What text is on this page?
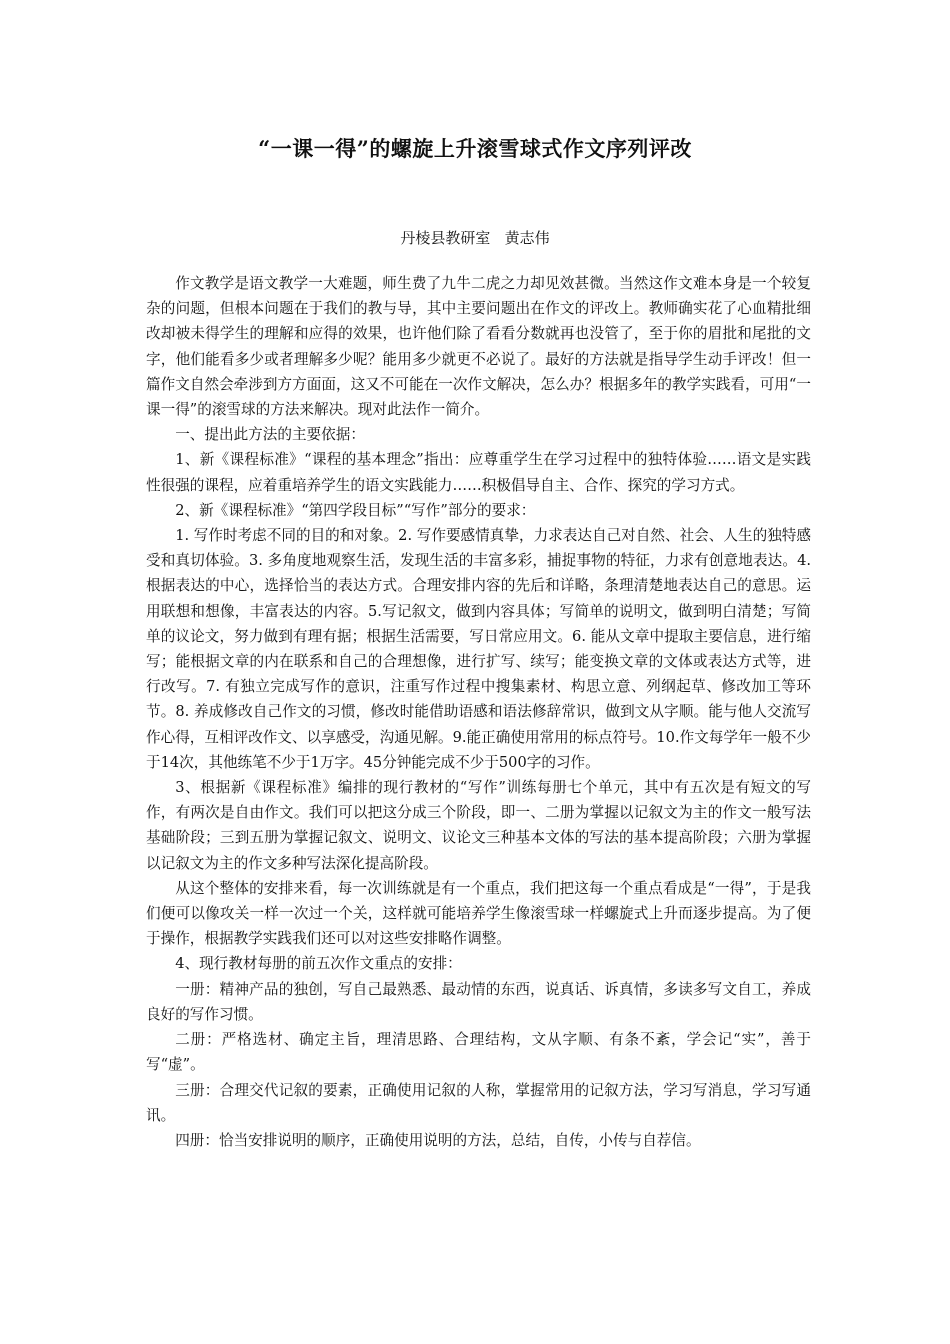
“一课一得”的螺旋上升滚雪球式作文序列评改
丹棱县教研室   黄志伟

作文教学是语文教学一大难题，师生费了九牛二虎之力却见效甚微。当然这作文难本身是一个较复杂的问题，但根本问题在于我们的教与导，其中主要问题出在作文的评改上。教师确实花了心血精批细改却被未得学生的理解和应得的效果，也许他们除了看看分数就再也没管了，至于你的眉批和尾批的文字，他们能看多少或者理解多少呢？能用多少就更不必说了。最好的方法就是指导学生动手评改！但一篇作文自然会牵涉到方方面面，这又不可能在一次作文解决，怎么办？根据多年的教学实践看，可用“一课一得”的滚雪球的方法来解决。现对此法作一简介。

一、提出此方法的主要依据：

1、新《课程标准》“课程的基本理念”指出：应尊重学生在学习过程中的独特体验……语文是实践性很强的课程，应着重培养学生的语文实践能力……积极倡导自主、合作、探究的学习方式。

2、新《课程标准》“第四学段目标”“写作”部分的要求：

1. 写作时考虑不同的目的和对象。2. 写作要感情真挚，力求表达自己对自然、社会、人生的独特感受和真切体验。3. 多角度地观察生活，发现生活的丰富多彩，捕捉事物的特征，力求有创意地表达。4. 根据表达的中心，选择恰当的表达方式。合理安排内容的先后和详略，条理清楚地表达自己的意思。运用联想和想像，丰富表达的内容。5.写记叙文，做到内容具体；写简单的说明文，做到明白清楚；写简单的议论文，努力做到有理有据；根据生活需要，写日常应用文。6. 能从文章中提取主要信息，进行缩写；能根据文章的内在联系和自己的合理想像，进行扩写、续写；能变换文章的文体或表达方式等，进行改写。7. 有独立完成写作的意识，注重写作过程中搜集素材、构思立意、列纲起草、修改加工等环节。8. 养成修改自己作文的习惯，修改时能借助语感和语法修辞常识，做到文从字顺。能与他人交流写作心得，互相评改作文、以享感受，沟通见解。9.能正确使用常用的标点符号。10.作文每学年一般不少于14次，其他练笔不少于1万字。45分钟能完成不少于500字的习作。

3、根据新《课程标准》编排的现行教材的“写作”训练每册七个单元，其中有五次是有短文的写作，有两次是自由作文。我们可以把这分成三个阶段，即一、二册为掌握以记叙文为主的作文一般写法基础阶段；三到五册为掌握记叙文、说明文、议论文三种基本文体的写法的基本提高阶段；六册为掌握以记叙文为主的作文多种写法深化提高阶段。

从这个整体的安排来看，每一次训练就是有一个重点，我们把这每一个重点看成是“一得”，于是我们便可以像攻关一样一次过一个关，这样就可能培养学生像滚雪球一样螺旋式上升而逐步提高。为了便于操作，根据教学实践我们还可以对这些安排略作调整。

4、现行教材每册的前五次作文重点的安排：

一册：精神产品的独创，写自己最熟悉、最动情的东西，说真话、诉真情，多读多写文自工，养成良好的写作习惯。

二册：严格选材、确定主旨，理清思路、合理结构，文从字顺、有条不紊，学会记“实”，善于写“虚”。

三册：合理交代记叙的要素，正确使用记叙的人称，掌握常用的记叙方法，学习写消息，学习写通讯。

四册：恰当安排说明的顺序，正确使用说明的方法，总结，自传，小传与自荐信。
